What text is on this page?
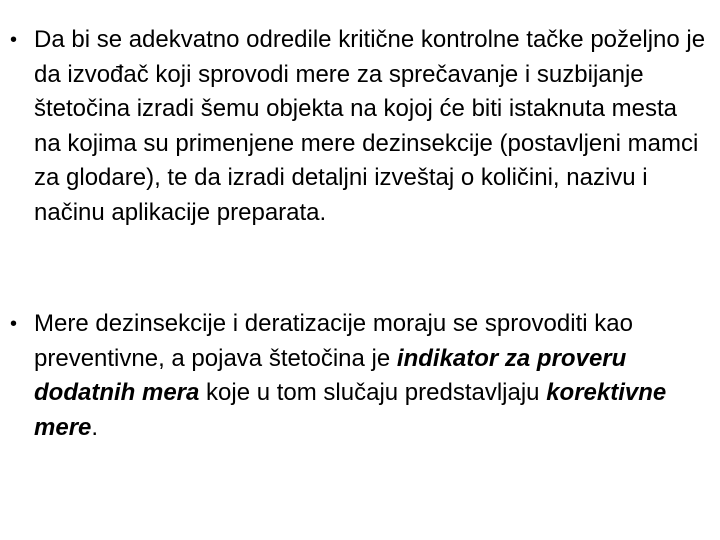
• Da bi se adekvatno odredile kritične kontrolne tačke poželjno je da izvođač koji sprovodi mere za sprečavanje i suzbijanje štetočina izradi šemu objekta na kojoj će biti istaknuta mesta na kojima su primenjene mere dezinsekcije (postavljeni mamci za glodare), te da izradi detaljni izveštaj o količini, nazivu i načinu aplikacije preparata.
• Mere dezinsekcije i deratizacije moraju se sprovoditi kao preventivne, a pojava štetočina je indikator za proveru dodatnih mera koje u tom slučaju predstavljaju korektivne mere.
